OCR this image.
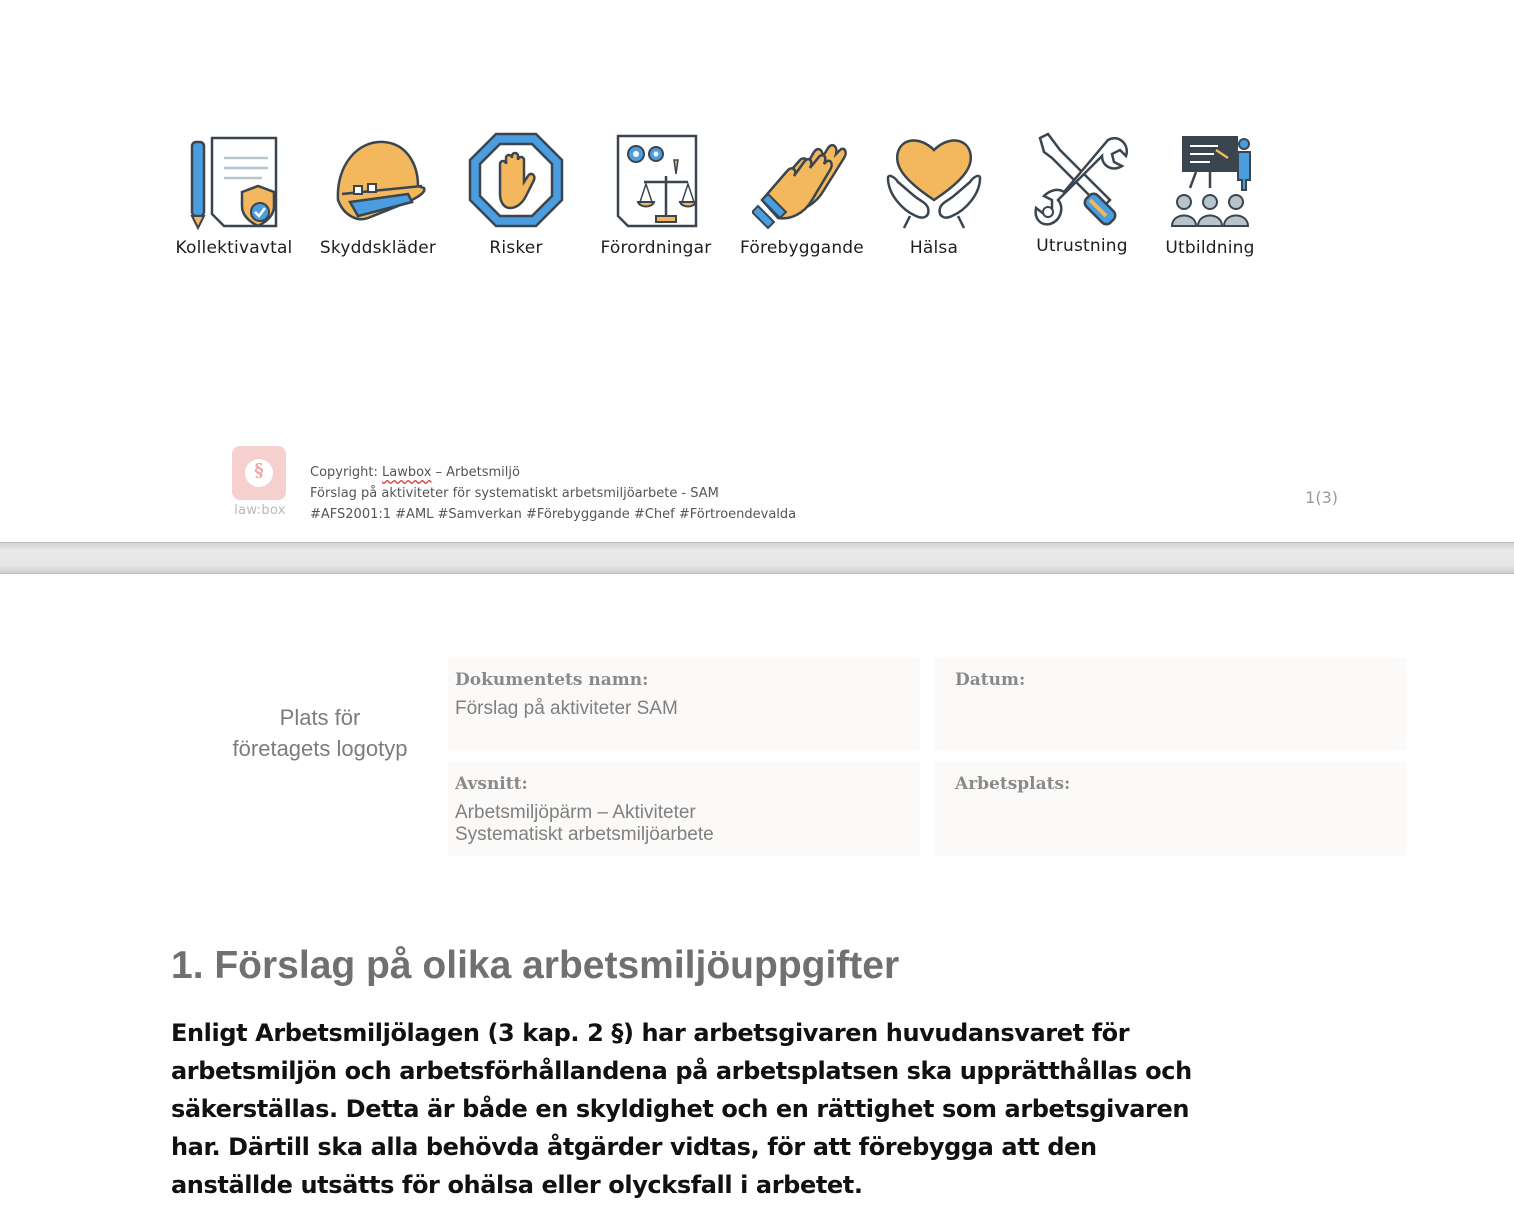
Kollektivavtal	Skyddskläder	Risker	Förordningar	Förebyggande	Hälsa	Utrustning	Utbildning
§
law:box
Copyright: Lawbox – Arbetsmiljö
Förslag på aktiviteter för systematiskt arbetsmiljöarbete - SAM
#AFS2001:1 #AML #Samverkan #Förebyggande #Chef #Förtroendevalda
1(3)
Plats för företagets logotyp
Dokumentets namn:
Förslag på aktiviteter SAM
Datum:
Avsnitt:
Arbetsmiljöpärm – Aktiviteter
Systematiskt arbetsmiljöarbete
Arbetsplats:
1. Förslag på olika arbetsmiljöuppgifter
Enligt Arbetsmiljölagen (3 kap. 2 §) har arbetsgivaren huvudansvaret för arbetsmiljön och arbetsförhållandena på arbetsplatsen ska upprätthållas och säkerställas. Detta är både en skyldighet och en rättighet som arbetsgivaren har. Därtill ska alla behövda åtgärder vidtas, för att förebygga att den anställde utsätts för ohälsa eller olycksfall i arbetet.
